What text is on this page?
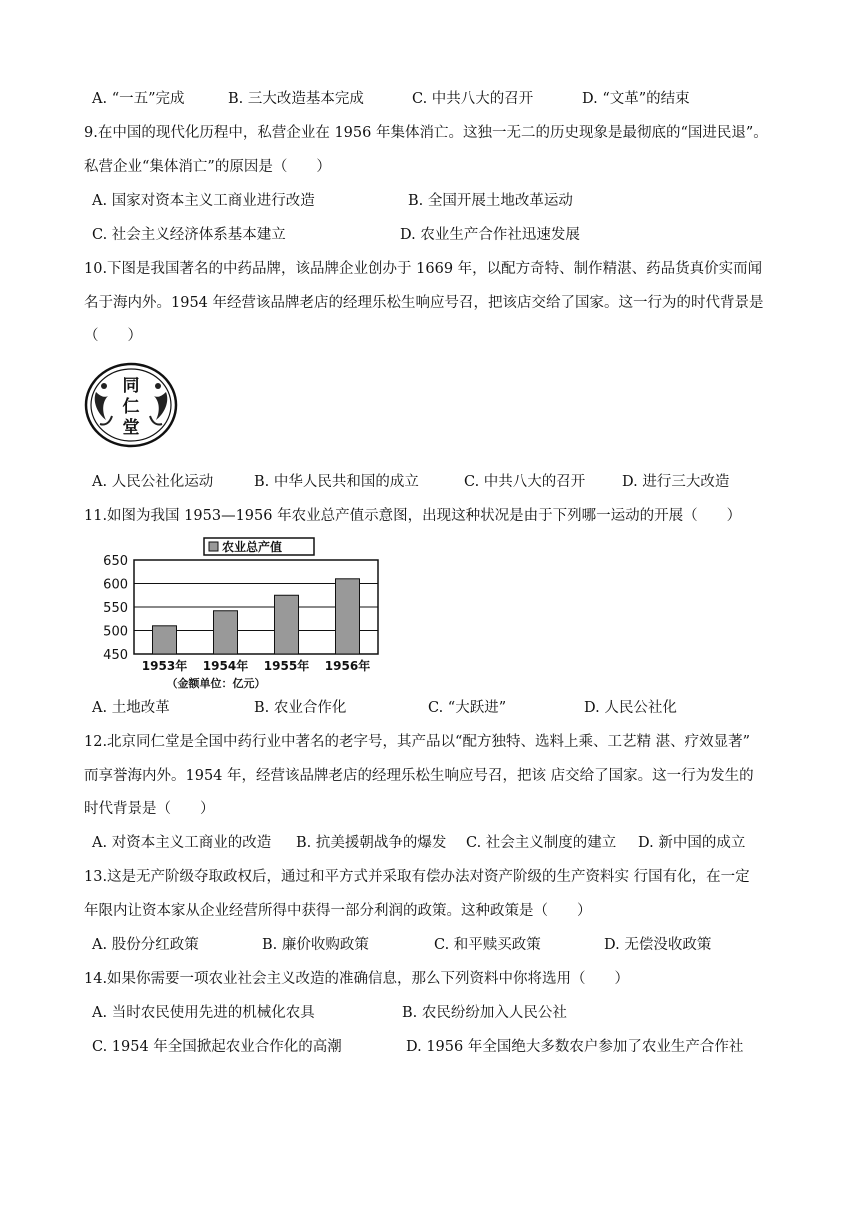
A. “一五”完成	B. 三大改造基本完成	C. 中共八大的召开	D. “文革”的结束
9.在中国的现代化历程中，私营企业在 1956 年集体消亡。这独一无二的历史现象是最彻底的“国进民退”。
私营企业“集体消亡”的原因是（　　）
A. 国家对资本主义工商业进行改造	B. 全国开展土地改革运动
C. 社会主义经济体系基本建立	D. 农业生产合作社迅速发展
10.下图是我国著名的中药品牌，该品牌企业创办于 1669 年，以配方奇特、制作精湛、药品货真价实而闻
名于海内外。1954 年经营该品牌老店的经理乐松生响应号召，把该店交给了国家。这一行为的时代背景是
（　　）
同
仁
堂
A. 人民公社化运动	B. 中华人民共和国的成立	C. 中共八大的召开	D. 进行三大改造
11.如图为我国 1953—1956 年农业总产值示意图，出现这种状况是由于下列哪一运动的开展（　　）
农业总产值
650
600
550
500
450
1953年 1954年 1955年 1956年
（金额单位：亿元）
A. 土地改革	B. 农业合作化	C. “大跃进”	D. 人民公社化
12.北京同仁堂是全国中药行业中著名的老字号，其产品以“配方独特、选料上乘、工艺精 湛、疗效显著”
而享誉海内外。1954 年，经营该品牌老店的经理乐松生响应号召，把该 店交给了国家。这一行为发生的
时代背景是（　　）
A. 对资本主义工商业的改造 B. 抗美援朝战争的爆发 C. 社会主义制度的建立 D. 新中国的成立
13.这是无产阶级夺取政权后，通过和平方式并采取有偿办法对资产阶级的生产资料实 行国有化，在一定
年限内让资本家从企业经营所得中获得一部分利润的政策。这种政策是（　　）
A. 股份分红政策	B. 廉价收购政策	C. 和平赎买政策	D. 无偿没收政策
14.如果你需要一项农业社会主义改造的准确信息，那么下列资料中你将选用（　　）
A. 当时农民使用先进的机械化农具	B. 农民纷纷加入人民公社
C. 1954 年全国掀起农业合作化的高潮	D. 1956 年全国绝大多数农户参加了农业生产合作社
